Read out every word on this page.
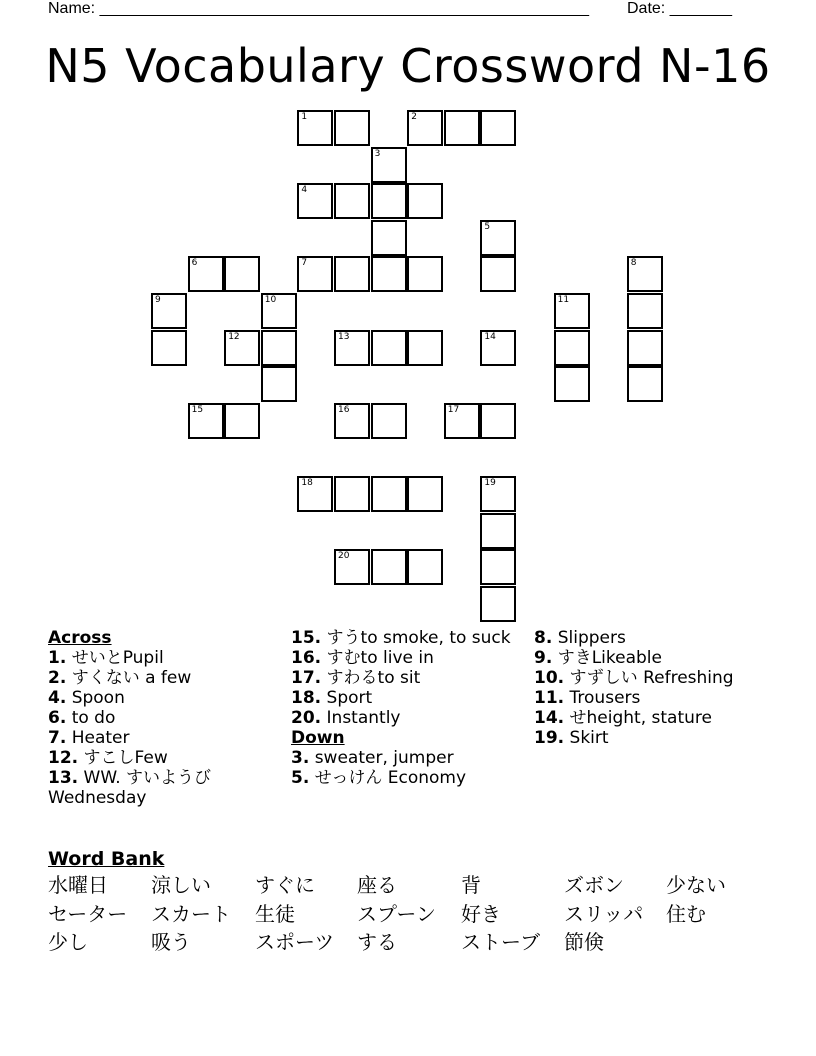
Name: _______________________________________________________ Date: _______
N5 Vocabulary Crossword N-16
1	2
3
4
5
6	7	8
9	10	11
12	13	14
15	16	17
18	19
20
Across
1. せいとPupil
2. すくない a few
4. Spoon
6. to do
7. Heater
12. すこしFew
13. WW. すいようびWednesday
15. すうto smoke, to suck
16. すむto live in
17. すわるto sit
18. Sport
20. Instantly
Down
3. sweater, jumper
5. せっけん Economy
8. Slippers
9. すきLikeable
10. すずしい Refreshing
11. Trousers
14. せheight, stature
19. Skirt
Word Bank
水曜日 涼しい すぐに 座る	背	ズボン 少ない
セーター スカート 生徒	スプーン 好き	スリッパ 住む
少し	吸う	スポーツ する	ストーブ 節倹
